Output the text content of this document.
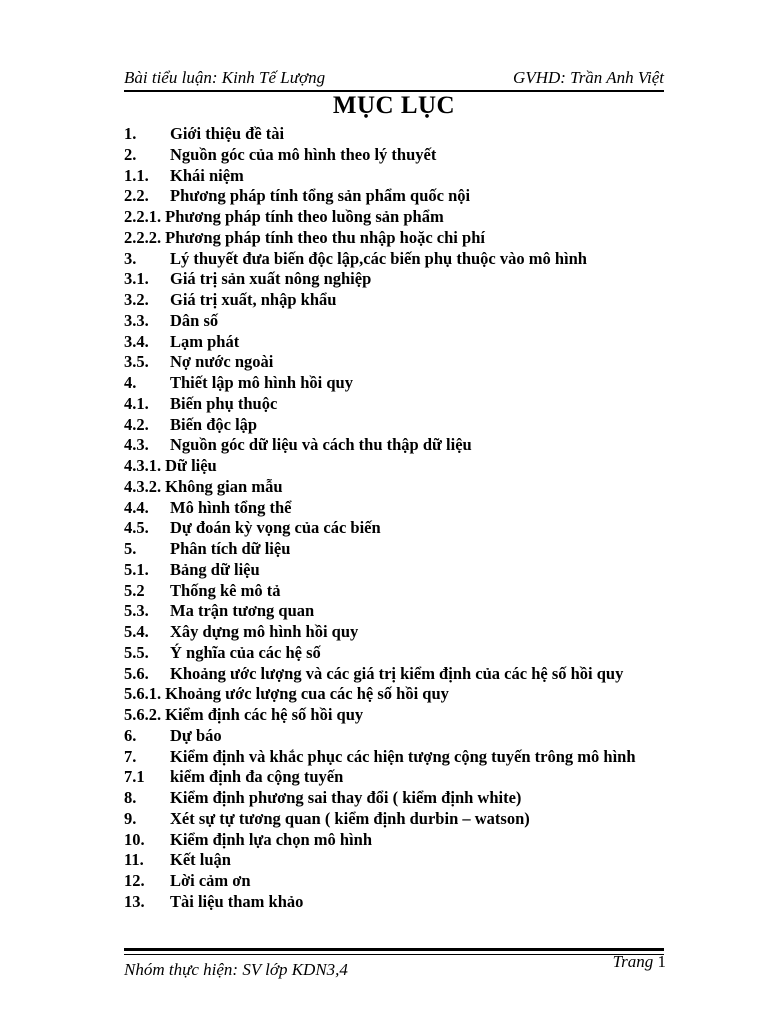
Bài tiểu luận: Kinh Tế Lượng	GVHD: Trần Anh Việt
MỤC LỤC
1.	Giới thiệu đề tài
2.	Nguồn góc của mô hình theo lý thuyết
1.1.	Khái niệm
2.2.	Phương pháp tính tổng sản phẩm quốc nội
2.2.1. Phương pháp tính theo luồng sản phẩm
2.2.2. Phương pháp tính theo thu nhập hoặc chi phí
3.	Lý thuyết đưa biến độc lập,các biến phụ thuộc vào mô hình
3.1.	Giá trị sản xuất nông nghiệp
3.2.	Giá trị xuất, nhập khẩu
3.3.	Dân số
3.4.	Lạm phát
3.5.	Nợ nước ngoài
4.	Thiết lập mô hình hồi quy
4.1.	Biến phụ thuộc
4.2.	Biến độc lập
4.3.	Nguồn góc dữ liệu và cách thu thập dữ liệu
4.3.1. Dữ liệu
4.3.2. Không gian mẫu
4.4.	Mô hình tổng thể
4.5.	Dự đoán kỳ vọng của các biến
5.	Phân tích dữ liệu
5.1.	Bảng dữ liệu
5.2	Thống kê mô tả
5.3.	Ma trận tương quan
5.4.	Xây dựng mô hình hồi quy
5.5.	Ý nghĩa của các hệ số
5.6.	Khoảng ước lượng và các giá trị kiểm định của các hệ số hồi quy
5.6.1. Khoảng ước lượng cua các hệ số hồi quy
5.6.2. Kiểm định các hệ số hồi quy
6.	Dự báo
7.	Kiểm định và khắc phục các hiện tượng cộng tuyến trông mô hình
7.1	kiểm định đa cộng tuyến
8.	Kiểm định phương sai thay đổi ( kiểm định white)
9.	Xét sự tự tương quan ( kiểm định durbin – watson)
10.	Kiểm định lựa chọn mô hình
11.	Kết luận
12.	Lời cảm ơn
13.	Tài liệu tham khảo
Nhóm thực hiện: SV lớp KDN3,4	Trang 1
